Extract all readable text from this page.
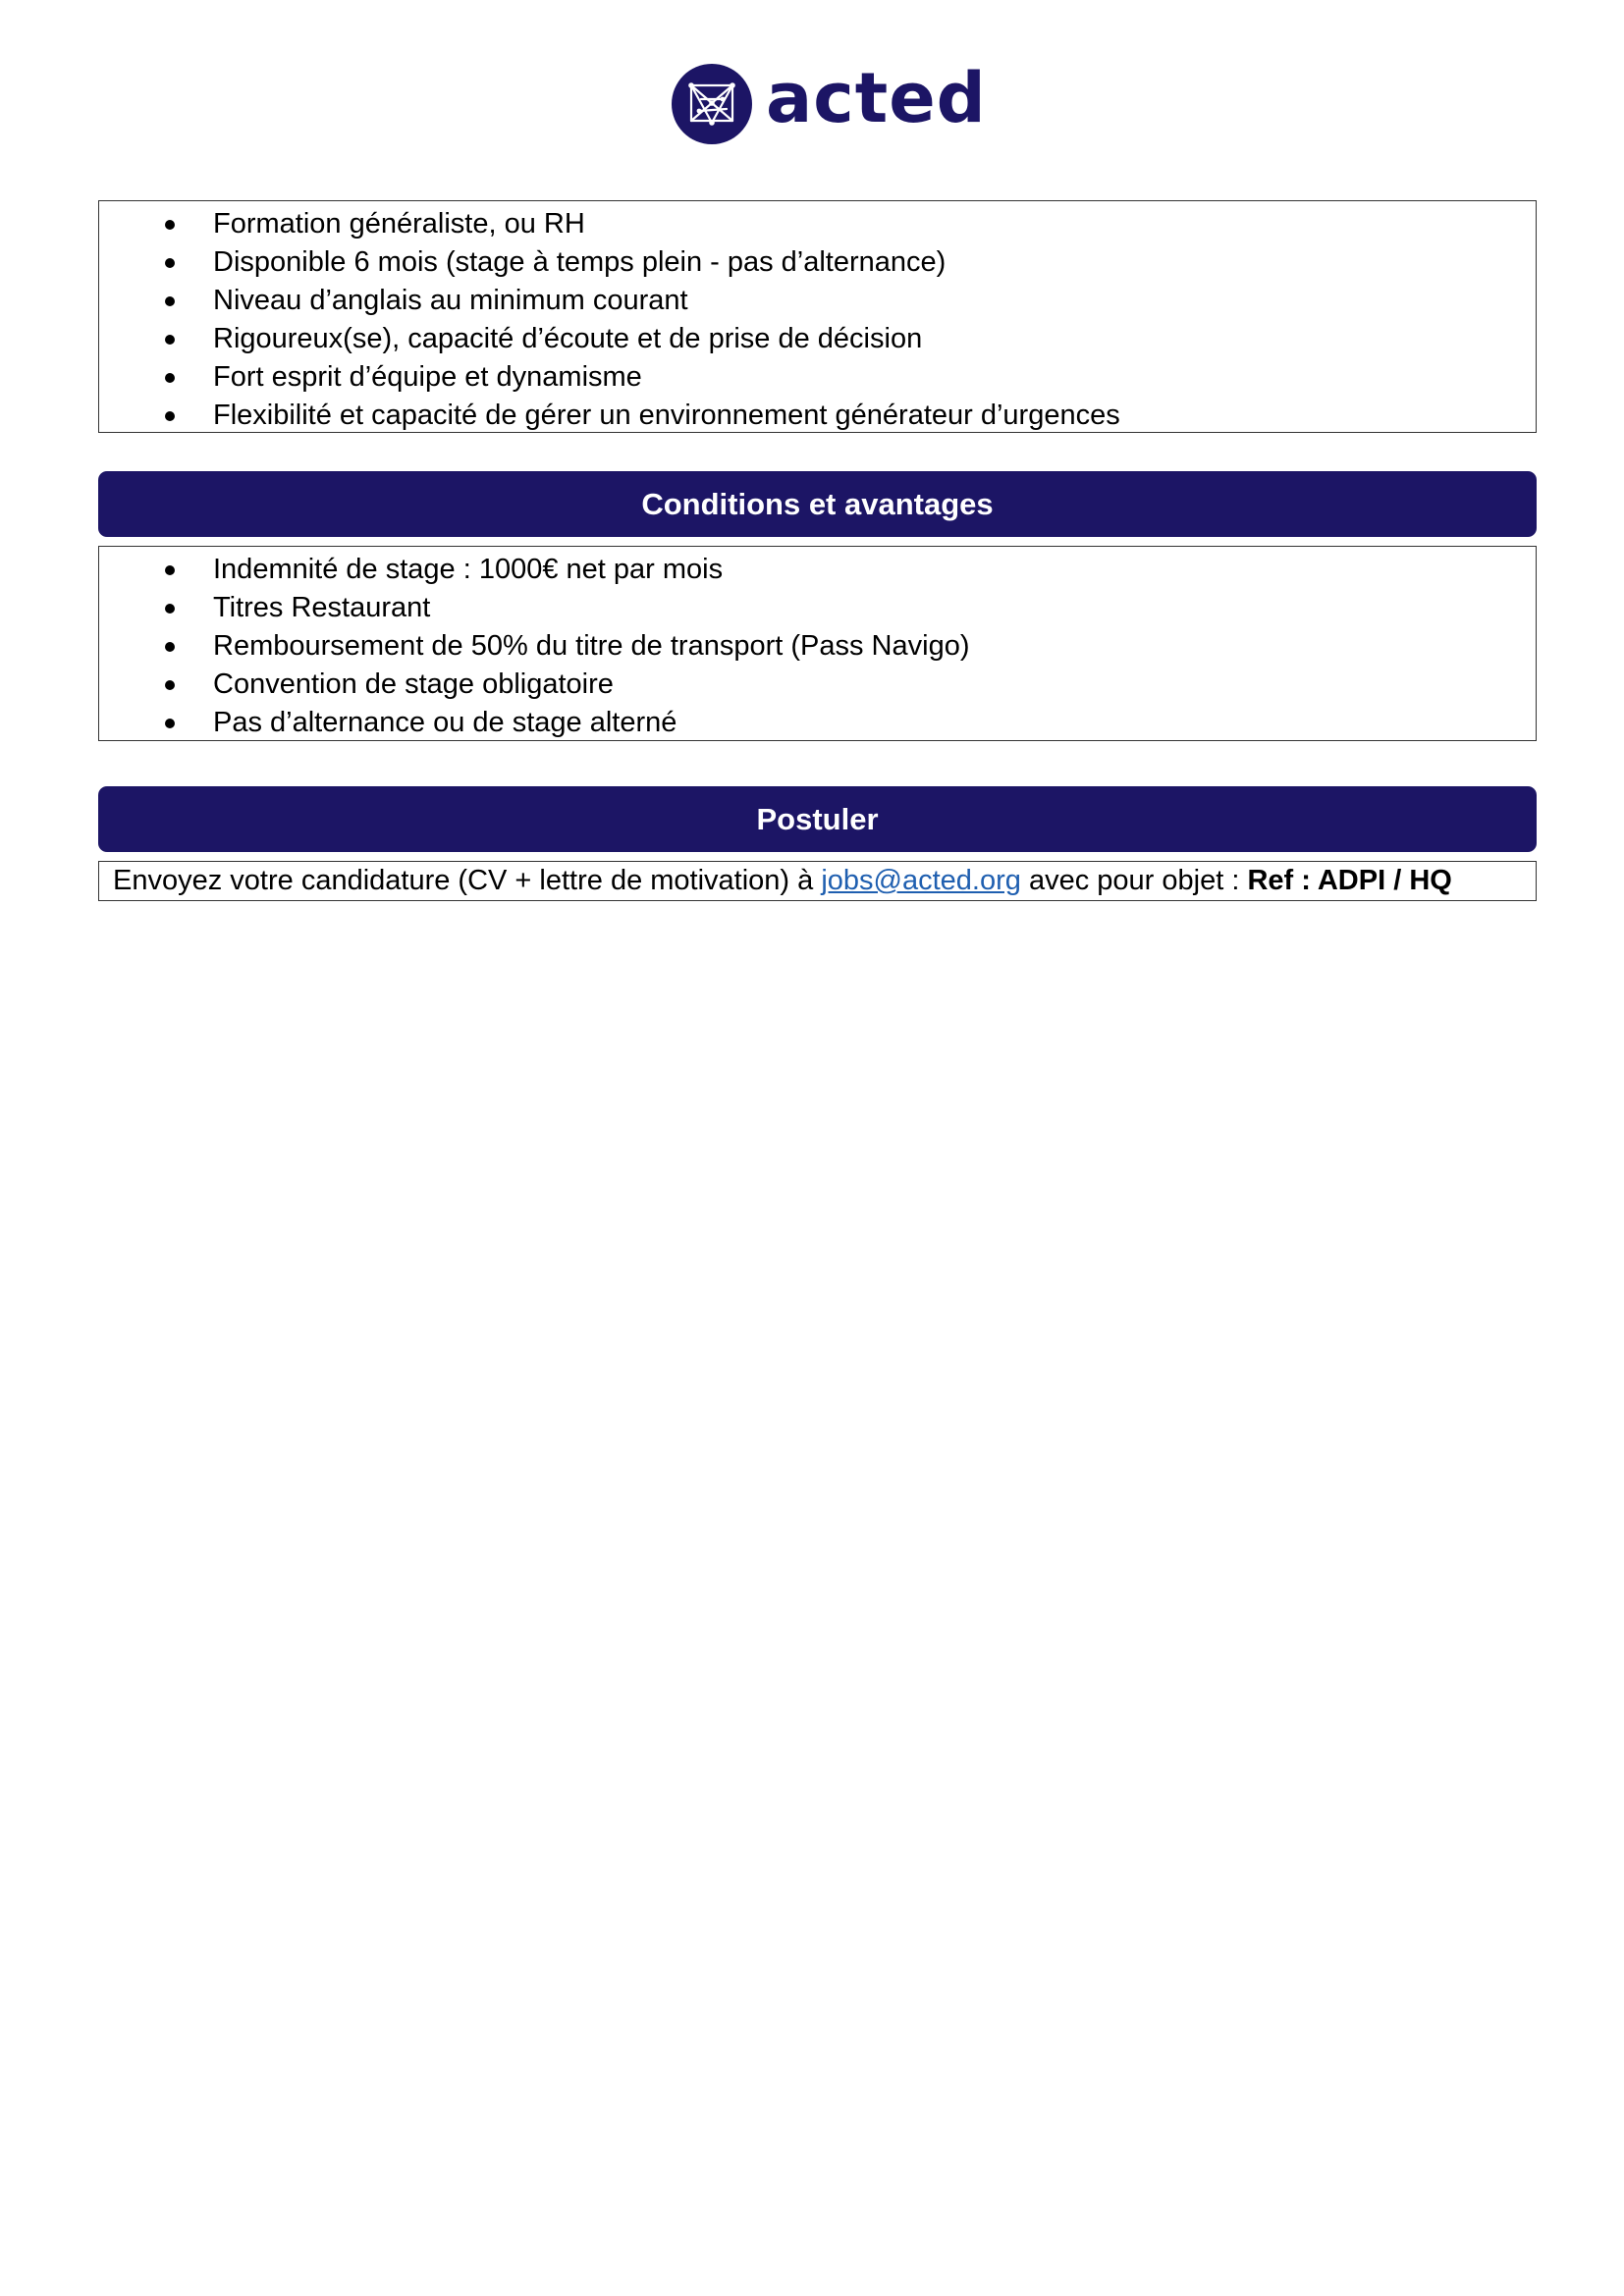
acted
Formation généraliste, ou RH
Disponible 6 mois (stage à temps plein - pas d’alternance)
Niveau d’anglais au minimum courant
Rigoureux(se), capacité d’écoute et de prise de décision
Fort esprit d’équipe et dynamisme
Flexibilité et capacité de gérer un environnement générateur d’urgences
Conditions et avantages
Indemnité de stage : 1000€ net par mois
Titres Restaurant
Remboursement de 50% du titre de transport (Pass Navigo)
Convention de stage obligatoire
Pas d’alternance ou de stage alterné
Postuler
Envoyez votre candidature (CV + lettre de motivation) à jobs@acted.org avec pour objet : Ref : ADPI / HQ
